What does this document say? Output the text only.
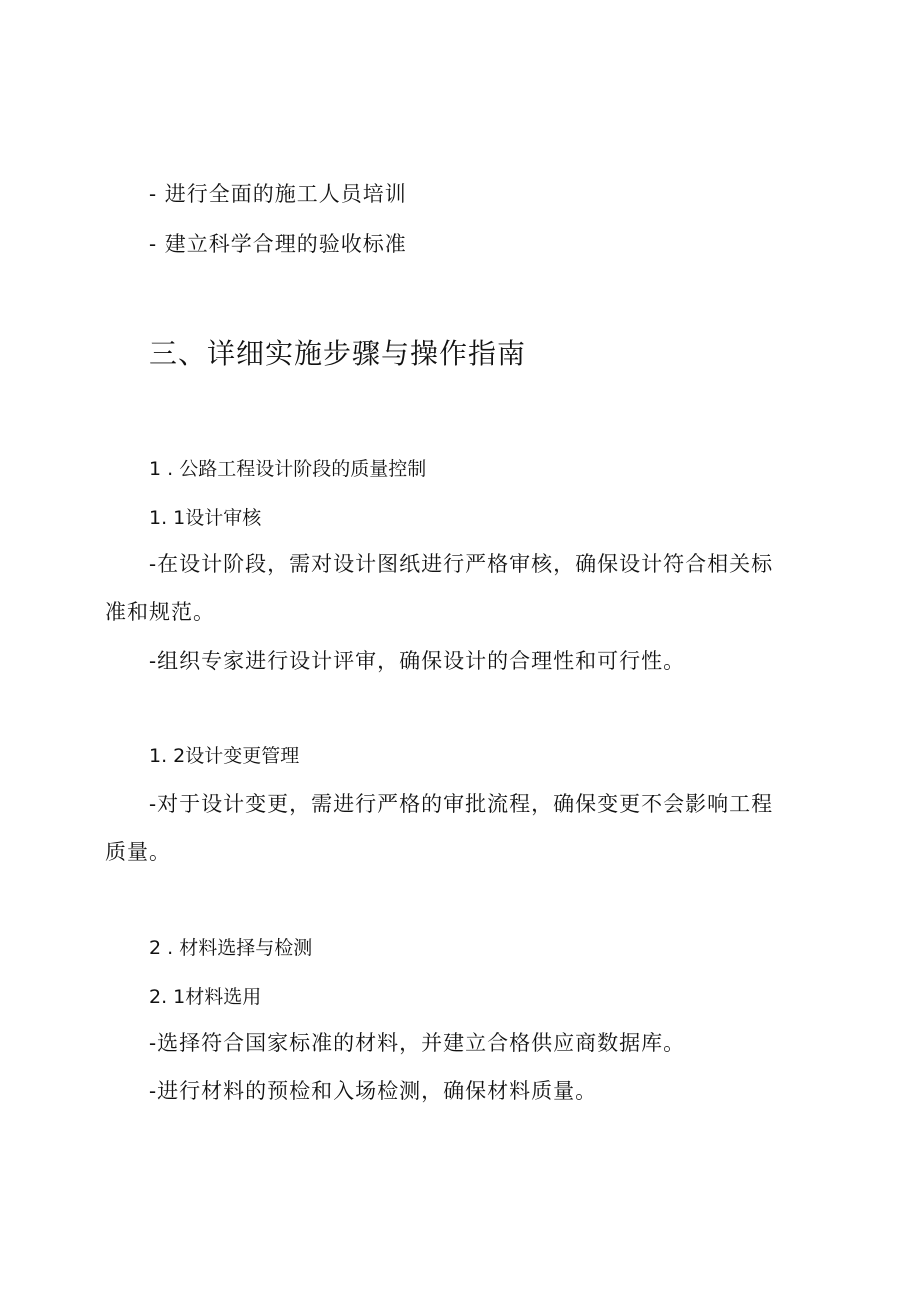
- 进行全面的施工人员培训

- 建立科学合理的验收标准

三、详细实施步骤与操作指南
1 . 公路工程设计阶段的质量控制
1. 1设计审核

-在设计阶段，需对设计图纸进行严格审核，确保设计符合相关标

准和规范。

-组织专家进行设计评审，确保设计的合理性和可行性。

1. 2设计变更管理

-对于设计变更，需进行严格的审批流程，确保变更不会影响工程

质量。

2 . 材料选择与检测
2. 1材料选用

-选择符合国家标准的材料，并建立合格供应商数据库。

-进行材料的预检和入场检测，确保材料质量。
